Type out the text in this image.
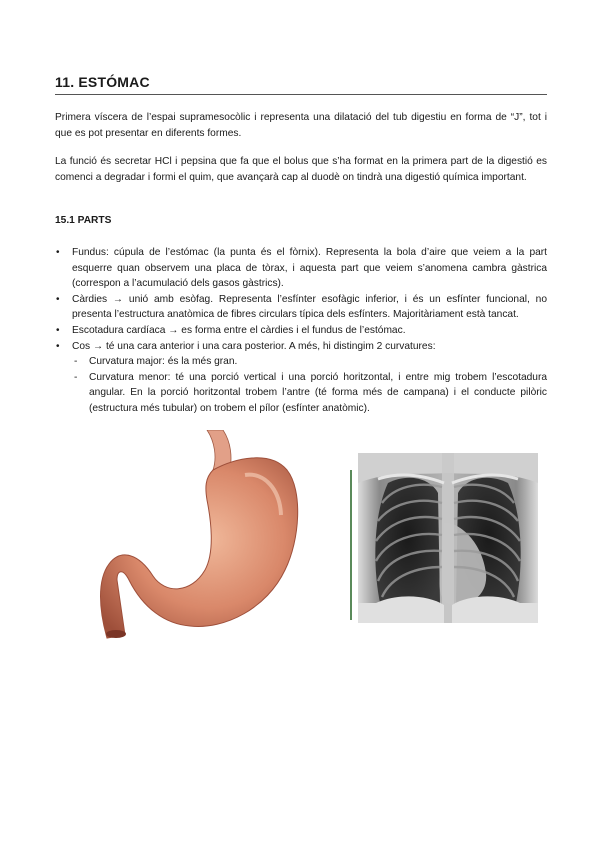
11. ESTÓMAC

Primera víscera de l’espai supramesocòlic i representa una dilatació del tub digestiu en forma de “J”, tot i que es pot presentar en diferents formes.

La funció és secretar HCl i pepsina que fa que el bolus que s’ha format en la primera part de la digestió es comenci a degradar i formi el quim, que avançarà cap al duodè on tindrà una digestió química important.

15.1 PARTS
• Fundus: cúpula de l’estómac (la punta és el fòrnix). Representa la bola d’aire que veiem a la part esquerre quan observem una placa de tòrax, i aquesta part que veiem s’anomena cambra gàstrica (correspon a l’acumulació dels gasos gàstrics).
• Càrdies → unió amb esòfag. Representa l’esfínter esofàgic inferior, i és un esfínter funcional, no presenta l’estructura anatòmica de fibres circulars típica dels esfínters. Majoritàriament està tancat.
• Escotadura cardíaca → es forma entre el càrdies i el fundus de l’estómac.
• Cos → té una cara anterior i una cara posterior. A més, hi distingim 2 curvatures:
- Curvatura major: és la més gran.
- Curvatura menor: té una porció vertical i una porció horitzontal, i entre mig trobem l’escotadura angular. En la porció horitzontal trobem l’antre (té forma més de campana) i el conducte pilòric (estructura més tubular) on trobem el pílor (esfínter anatòmic).
